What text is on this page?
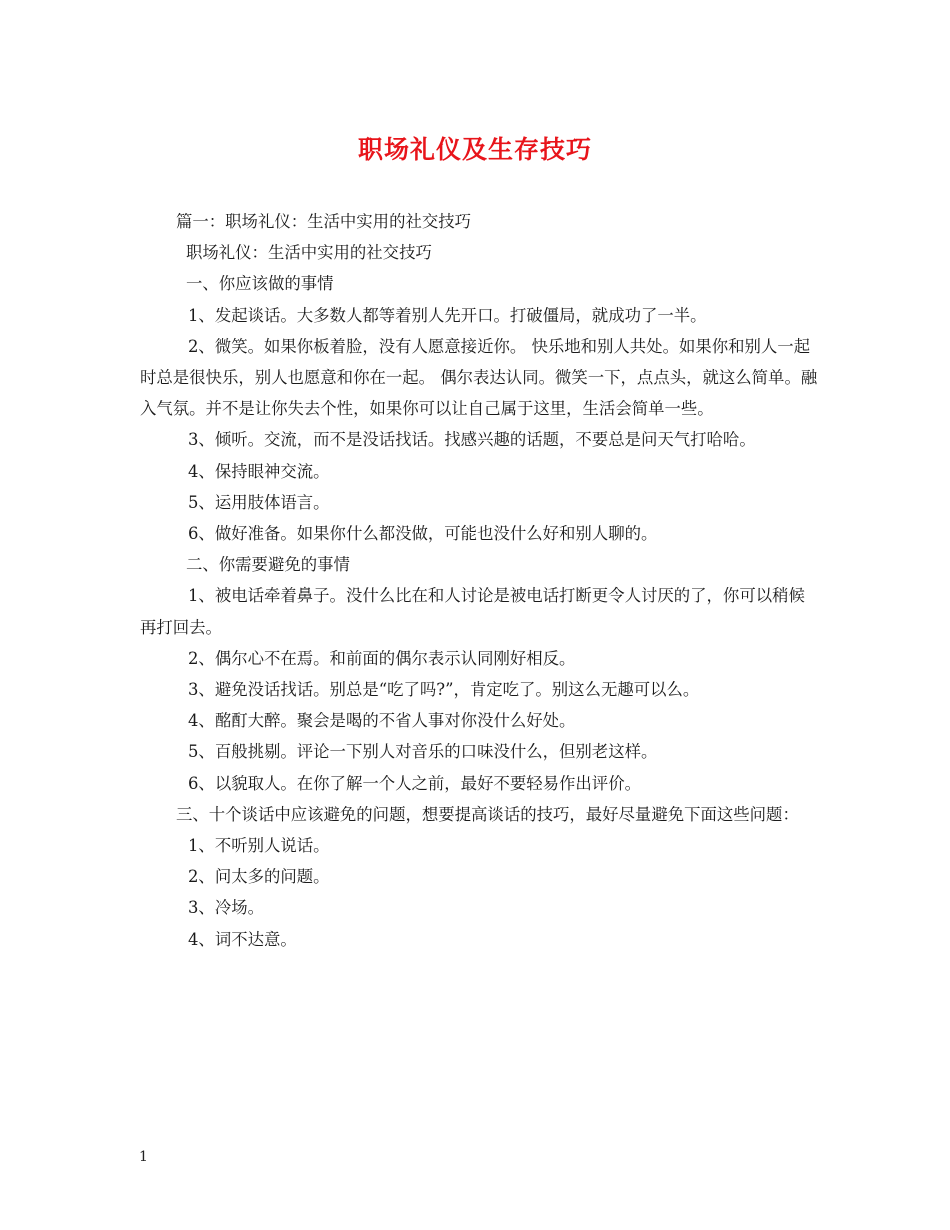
职场礼仪及生存技巧

篇一：职场礼仪：生活中实用的社交技巧

职场礼仪：生活中实用的社交技巧

一、你应该做的事情

1、发起谈话。大多数人都等着别人先开口。打破僵局，就成功了一半。

2、微笑。如果你板着脸，没有人愿意接近你。 快乐地和别人共处。如果你和别人一起时总是很快乐，别人也愿意和你在一起。 偶尔表达认同。微笑一下，点点头，就这么简单。融入气氛。并不是让你失去个性，如果你可以让自己属于这里，生活会简单一些。

3、倾听。交流，而不是没话找话。找感兴趣的话题，不要总是问天气打哈哈。

4、保持眼神交流。

5、运用肢体语言。

6、做好准备。如果你什么都没做，可能也没什么好和别人聊的。

二、你需要避免的事情

1、被电话牵着鼻子。没什么比在和人讨论是被电话打断更令人讨厌的了，你可以稍候再打回去。

2、偶尔心不在焉。和前面的偶尔表示认同刚好相反。

3、避免没话找话。别总是“吃了吗?”，肯定吃了。别这么无趣可以么。

4、酩酊大醉。聚会是喝的不省人事对你没什么好处。

5、百般挑剔。评论一下别人对音乐的口味没什么，但别老这样。

6、以貌取人。在你了解一个人之前，最好不要轻易作出评价。

三、十个谈话中应该避免的问题，想要提高谈话的技巧，最好尽量避免下面这些问题：

1、不听别人说话。

2、问太多的问题。

3、冷场。

4、词不达意。

1
